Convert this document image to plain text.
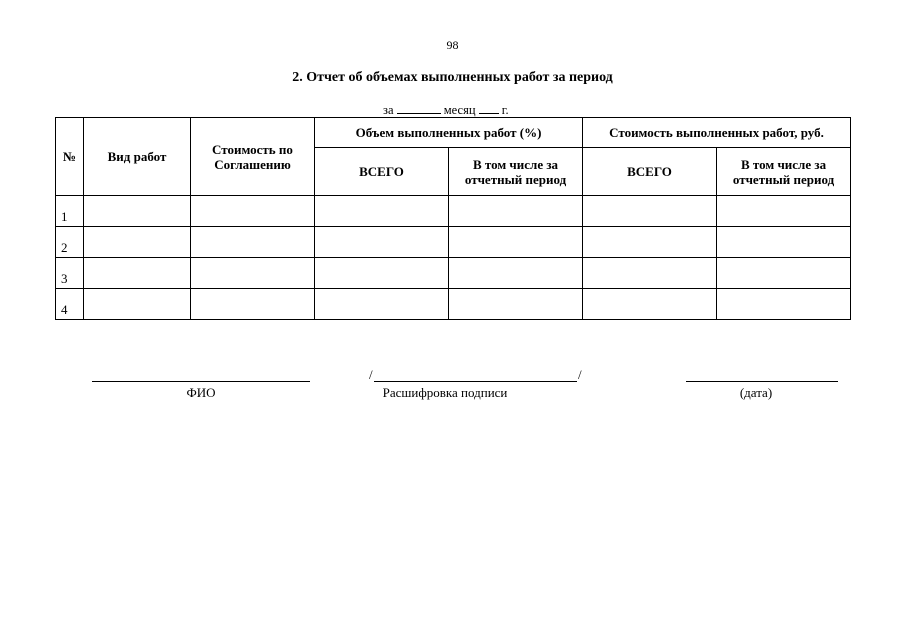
98
2. Отчет об объемах выполненных работ за период
за	месяц г.
№	Вид работ	Стоимость по Соглашению	Объем выполненных работ (%)		Стоимость выполненных работ, руб.	
			ВСЕГО	В том числе за отчетный период	ВСЕГО	В том числе за отчетный период
1						
2						
3						
4						
ФИО
/	/
Расшифровка подписи	(дата)
